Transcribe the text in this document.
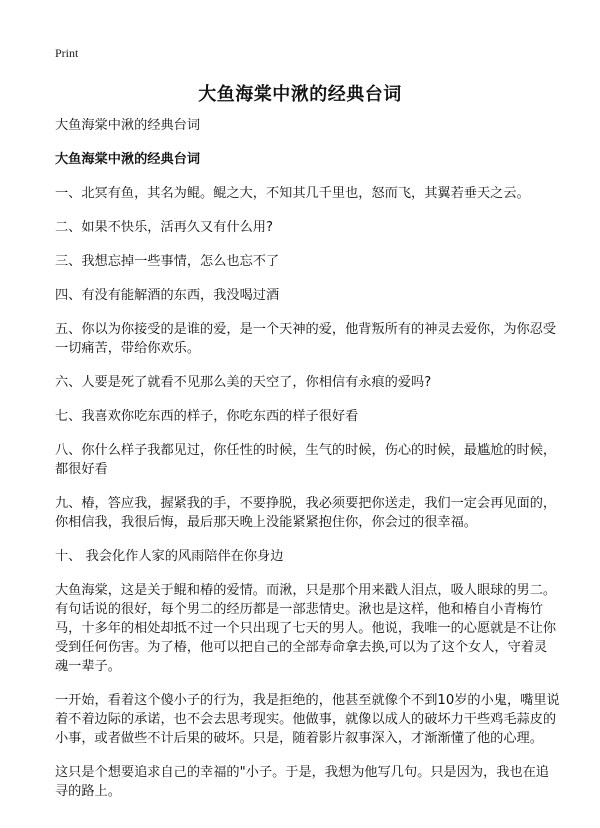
Print
大鱼海棠中湫的经典台词

大鱼海棠中湫的经典台词

大鱼海棠中湫的经典台词

一、北冥有鱼，其名为鲲。鲲之大，不知其几千里也，怒而飞，其翼若垂天之云。

二、如果不快乐，活再久又有什么用?

三、我想忘掉一些事情，怎么也忘不了

四、有没有能解酒的东西，我没喝过酒

五、你以为你接受的是谁的爱，是一个天神的爱，他背叛所有的神灵去爱你，为你忍受一切痛苦，带给你欢乐。

六、人要是死了就看不见那么美的天空了，你相信有永痕的爱吗?

七、我喜欢你吃东西的样子，你吃东西的样子很好看

八、你什么样子我都见过，你任性的时候，生气的时候，伤心的时候，最尴尬的时候，都很好看

九、椿，答应我，握紧我的手，不要挣脱，我必须要把你送走，我们一定会再见面的，你相信我，我很后悔，最后那天晚上没能紧紧抱住你，你会过的很幸福。

十、 我会化作人家的风雨陪伴在你身边

大鱼海棠，这是关于鲲和椿的爱情。而湫，只是那个用来戳人泪点，吸人眼球的男二。有句话说的很好，每个男二的经历都是一部悲情史。湫也是这样，他和椿自小青梅竹马，十多年的相处却抵不过一个只出现了七天的男人。他说，我唯一的心愿就是不让你受到任何伤害。为了椿，他可以把自己的全部寿命拿去换,可以为了这个女人，守着灵魂一辈子。

一开始，看着这个傻小子的行为，我是拒绝的，他甚至就像个不到10岁的小鬼，嘴里说着不着边际的承诺，也不会去思考现实。他做事，就像以成人的破坏力干些鸡毛蒜皮的小事，或者做些不计后果的破坏。只是，随着影片叙事深入，才渐渐懂了他的心理。

这只是个想要追求自己的幸福的"小子。于是，我想为他写几句。只是因为，我也在追寻的路上。
